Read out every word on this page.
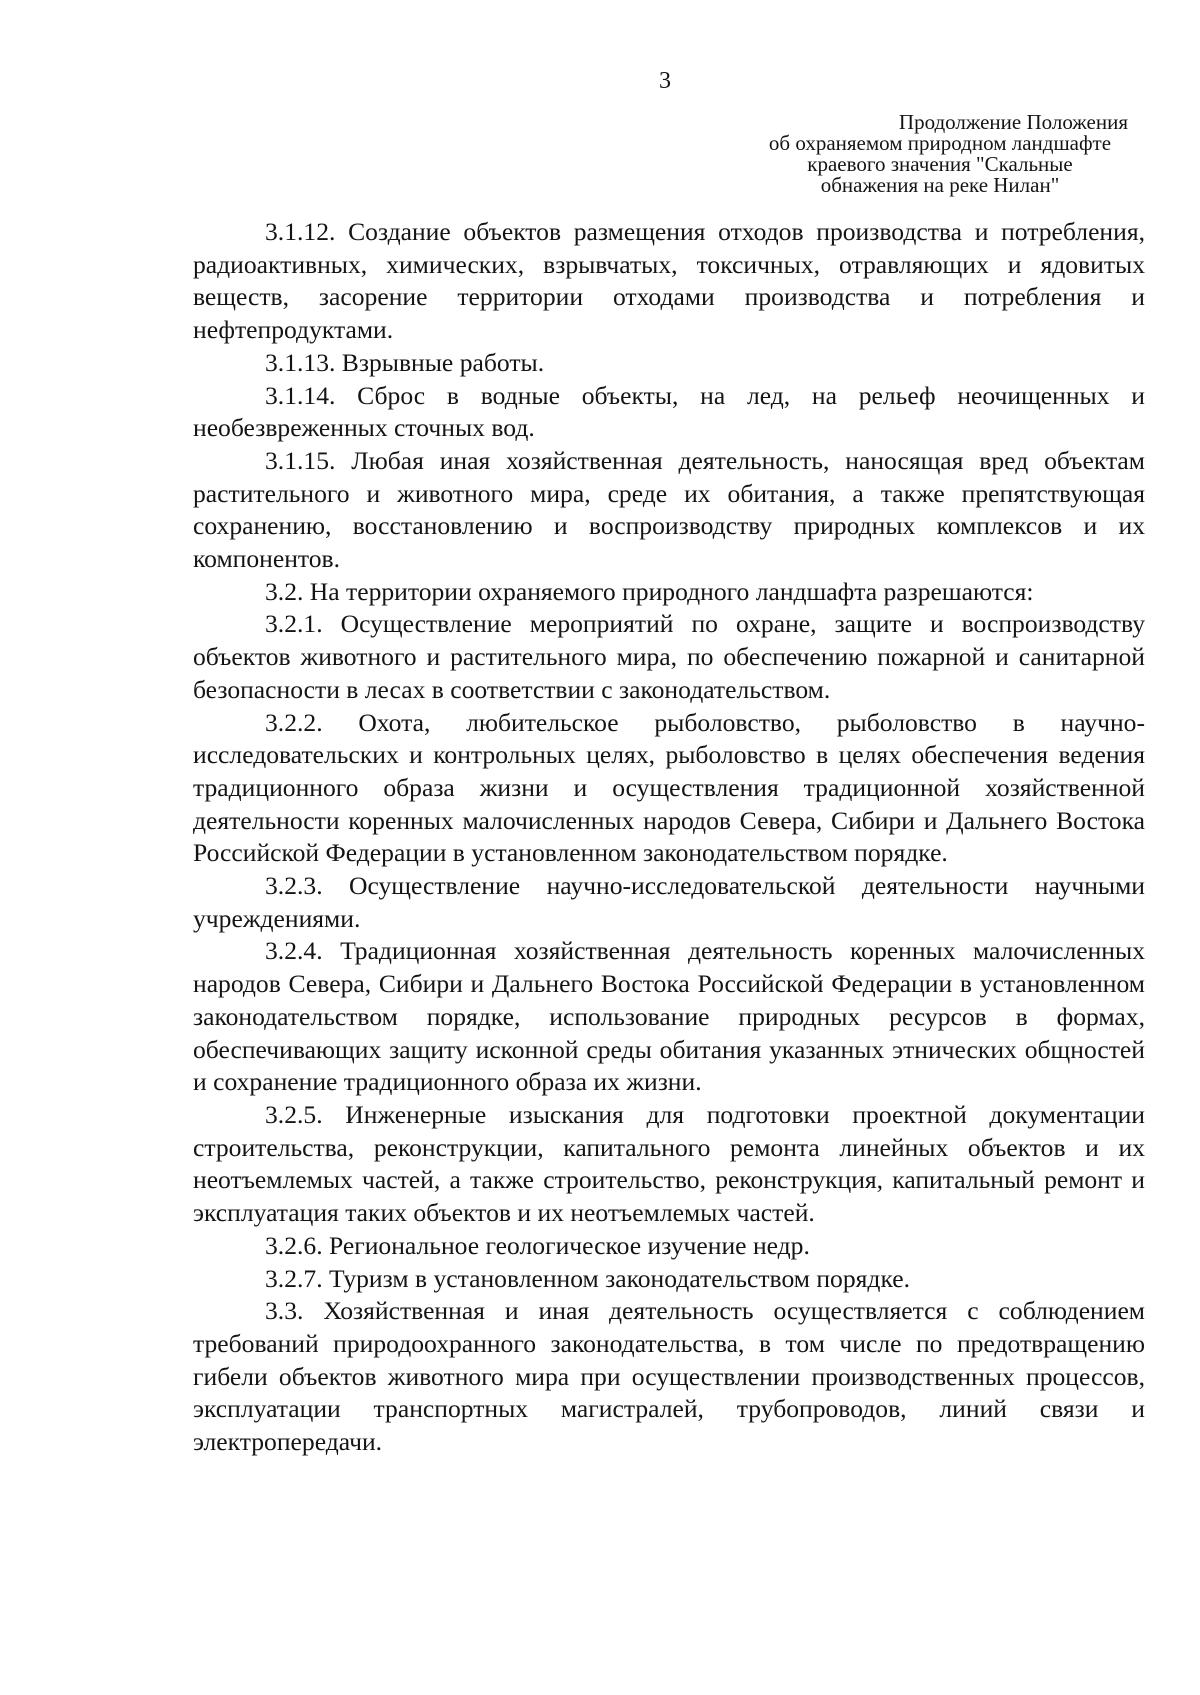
3
Продолжение Положения
об охраняемом природном ландшафте
краевого значения "Скальные
обнажения на реке Нилан"

3.1.12. Создание объектов размещения отходов производства и потребления, радиоактивных, химических, взрывчатых, токсичных, отравляющих и ядовитых веществ, засорение территории отходами производства и потребления и нефтепродуктами.

3.1.13. Взрывные работы.

3.1.14. Сброс в водные объекты, на лед, на рельеф неочищенных и необезвреженных сточных вод.

3.1.15. Любая иная хозяйственная деятельность, наносящая вред объектам растительного и животного мира, среде их обитания, а также препятствующая сохранению, восстановлению и воспроизводству природных комплексов и их компонентов.

3.2. На территории охраняемого природного ландшафта разрешаются:

3.2.1. Осуществление мероприятий по охране, защите и воспроизводству объектов животного и растительного мира, по обеспечению пожарной и санитарной безопасности в лесах в соответствии с законодательством.

3.2.2. Охота, любительское рыболовство, рыболовство в научно-исследовательских и контрольных целях, рыболовство в целях обеспечения ведения традиционного образа жизни и осуществления традиционной хозяйственной деятельности коренных малочисленных народов Севера, Сибири и Дальнего Востока Российской Федерации в установленном законодательством порядке.

3.2.3. Осуществление научно-исследовательской деятельности научными учреждениями.

3.2.4. Традиционная хозяйственная деятельность коренных малочисленных народов Севера, Сибири и Дальнего Востока Российской Федерации в установленном законодательством порядке, использование природных ресурсов в формах, обеспечивающих защиту исконной среды обитания указанных этнических общностей и сохранение традиционного образа их жизни.

3.2.5. Инженерные изыскания для подготовки проектной документации строительства, реконструкции, капитального ремонта линейных объектов и их неотъемлемых частей, а также строительство, реконструкция, капитальный ремонт и эксплуатация таких объектов и их неотъемлемых частей.

3.2.6. Региональное геологическое изучение недр.

3.2.7. Туризм в установленном законодательством порядке.

3.3. Хозяйственная и иная деятельность осуществляется с соблюдением требований природоохранного законодательства, в том числе по предотвращению гибели объектов животного мира при осуществлении производственных процессов, эксплуатации транспортных магистралей, трубопроводов, линий связи и электропередачи.
